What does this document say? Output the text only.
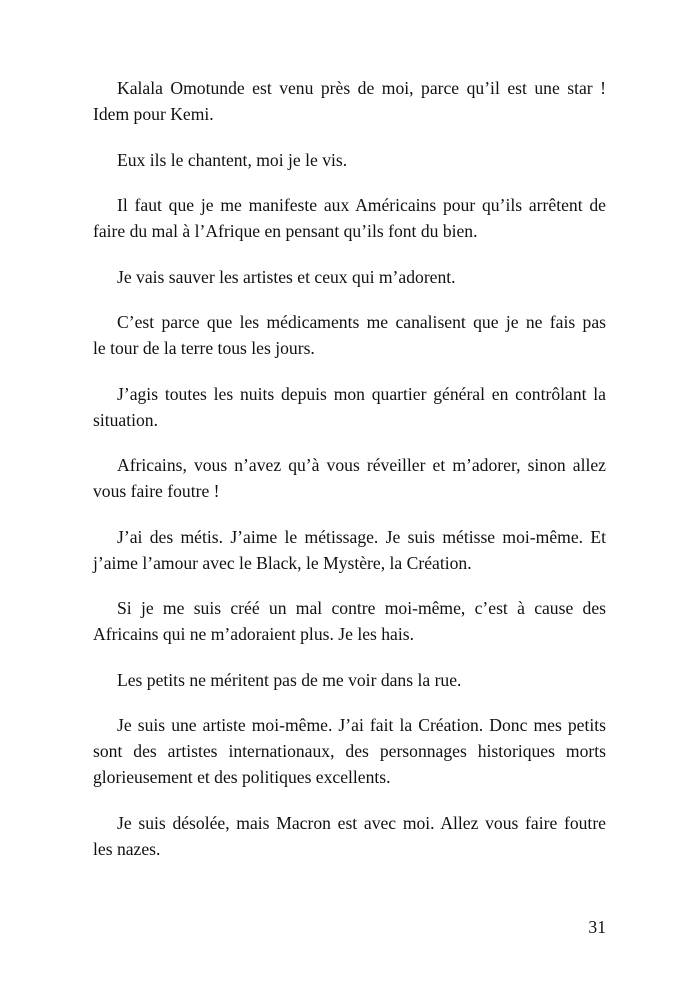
Kalala Omotunde est venu près de moi, parce qu’il est une star !
Idem pour Kemi.
Eux ils le chantent, moi je le vis.
Il faut que je me manifeste aux Américains pour qu’ils arrêtent de
faire du mal à l’Afrique en pensant qu’ils font du bien.
Je vais sauver les artistes et ceux qui m’adorent.
C’est parce que les médicaments me canalisent que je ne fais pas
le tour de la terre tous les jours.
J’agis toutes les nuits depuis mon quartier général en contrôlant la
situation.
Africains, vous n’avez qu’à vous réveiller et m’adorer, sinon allez
vous faire foutre !
J’ai des métis. J’aime le métissage. Je suis métisse moi-même. Et
j’aime l’amour avec le Black, le Mystère, la Création.
Si je me suis créé un mal contre moi-même, c’est à cause des
Africains qui ne m’adoraient plus. Je les hais.
Les petits ne méritent pas de me voir dans la rue.
Je suis une artiste moi-même. J’ai fait la Création. Donc mes petits
sont des artistes internationaux, des personnages historiques morts
glorieusement et des politiques excellents.
Je suis désolée, mais Macron est avec moi. Allez vous faire foutre
les nazes.
31
